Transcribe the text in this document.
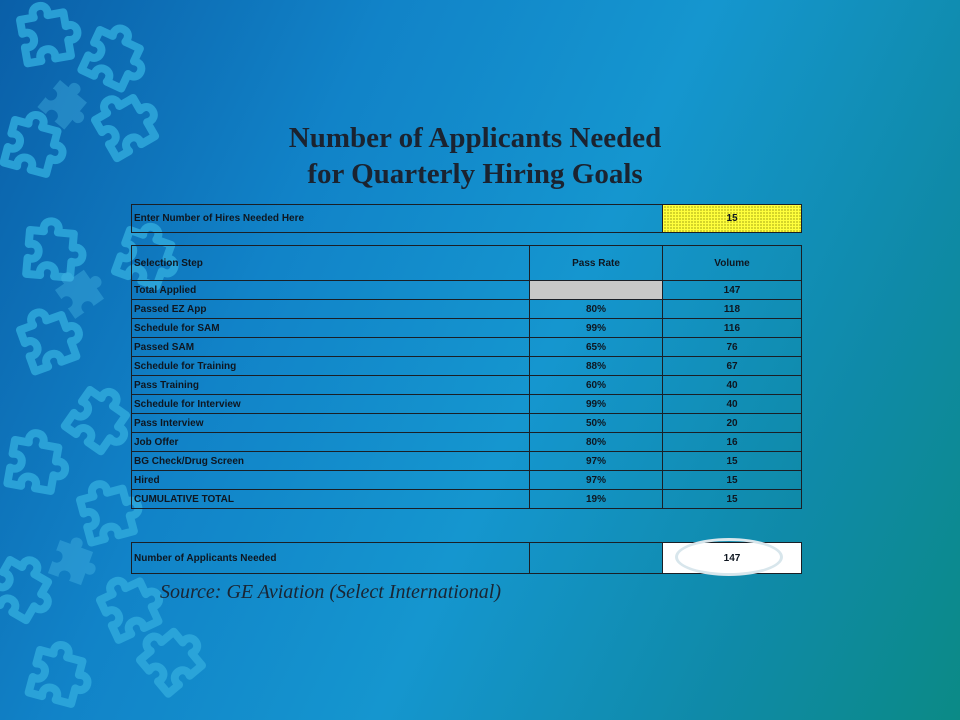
Number of Applicants Needed
for Quarterly Hiring Goals
Enter Number of Hires Needed Here	15
Selection Step	Pass Rate	Volume
Total Applied		147
Passed EZ App	80%	118
Schedule for SAM	99%	116
Passed SAM	65%	76
Schedule for Training	88%	67
Pass Training	60%	40
Schedule for Interview	99%	40
Pass Interview	50%	20
Job Offer	80%	16
BG Check/Drug Screen	97%	15
Hired	97%	15
CUMULATIVE TOTAL	19%	15
Number of Applicants Needed		147
Source: GE Aviation (Select International)
